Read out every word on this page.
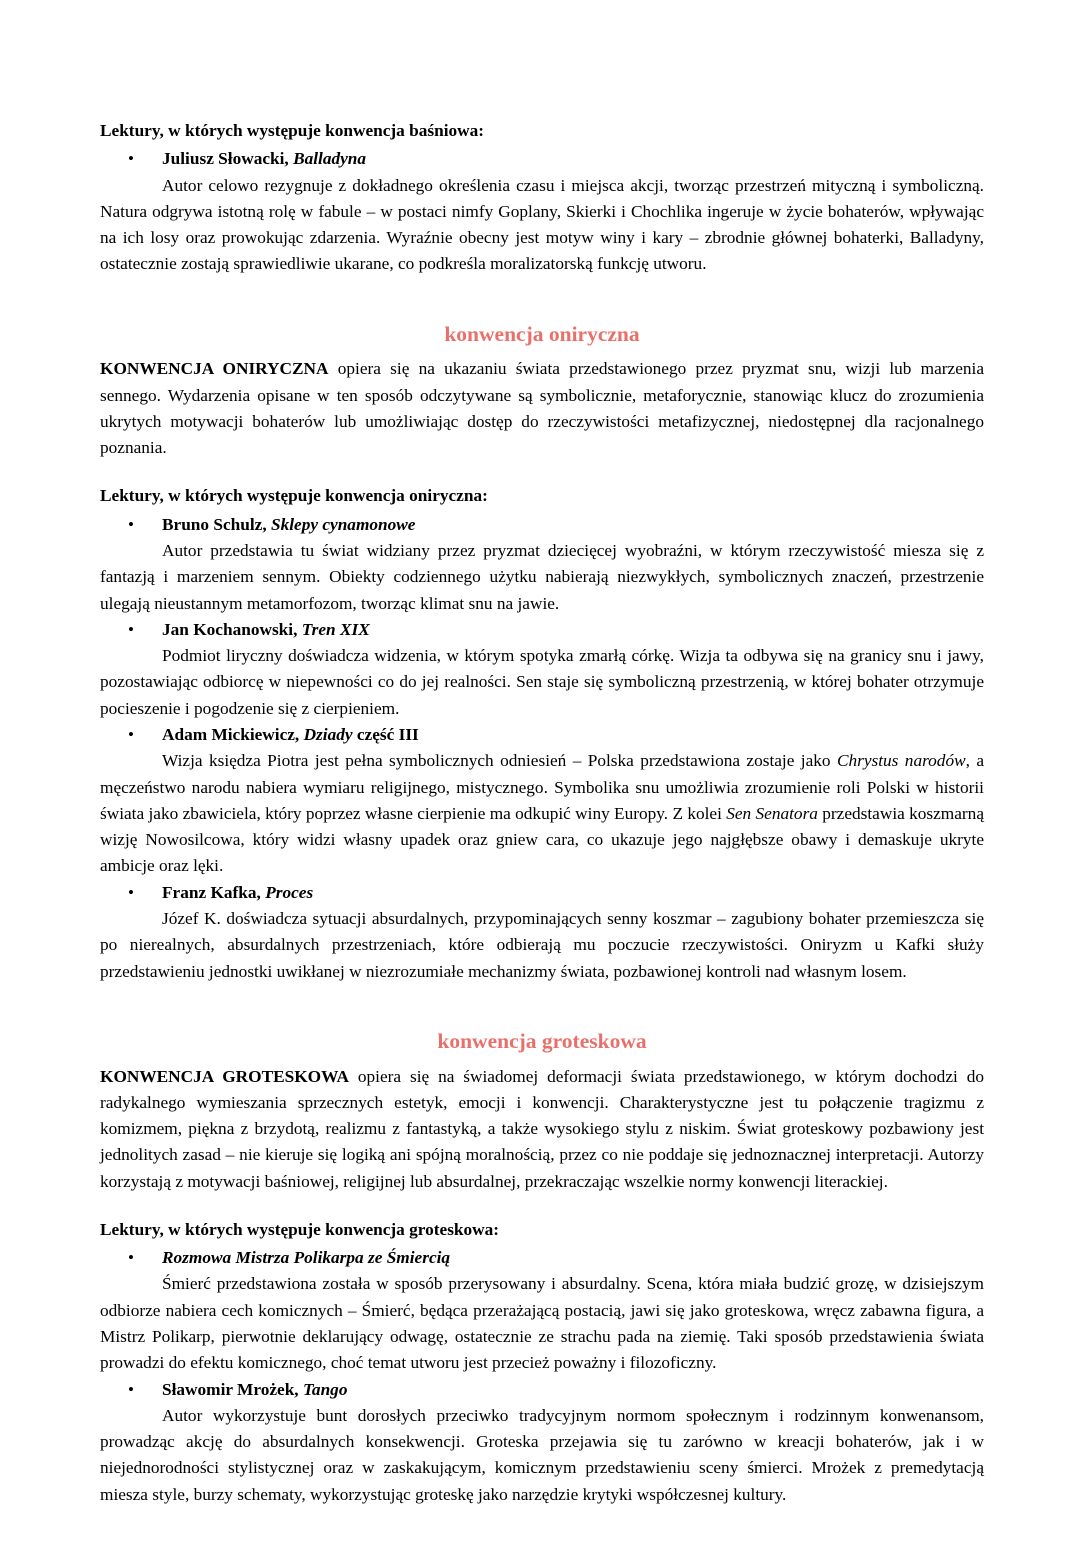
Lektury, w których występuje konwencja baśniowa:

•	Juliusz Słowacki, Balladyna

Autor celowo rezygnuje z dokładnego określenia czasu i miejsca akcji, tworząc przestrzeń mityczną i symboliczną. Natura odgrywa istotną rolę w fabule – w postaci nimfy Goplany, Skierki i Chochlika ingeruje w życie bohaterów, wpływając na ich losy oraz prowokując zdarzenia. Wyraźnie obecny jest motyw winy i kary – zbrodnie głównej bohaterki, Balladyny, ostatecznie zostają sprawiedliwie ukarane, co podkreśla moralizatorską funkcję utworu.

konwencja oniryczna

KONWENCJA ONIRYCZNA opiera się na ukazaniu świata przedstawionego przez pryzmat snu, wizji lub marzenia sennego. Wydarzenia opisane w ten sposób odczytywane są symbolicznie, metaforycznie, stanowiąc klucz do zrozumienia ukrytych motywacji bohaterów lub umożliwiając dostęp do rzeczywistości metafizycznej, niedostępnej dla racjonalnego poznania.

Lektury, w których występuje konwencja oniryczna:

•	Bruno Schulz, Sklepy cynamonowe

Autor przedstawia tu świat widziany przez pryzmat dziecięcej wyobraźni, w którym rzeczywistość miesza się z fantazją i marzeniem sennym. Obiekty codziennego użytku nabierają niezwykłych, symbolicznych znaczeń, przestrzenie ulegają nieustannym metamorfozom, tworząc klimat snu na jawie.

•	Jan Kochanowski, Tren XIX

Podmiot liryczny doświadcza widzenia, w którym spotyka zmarłą córkę. Wizja ta odbywa się na granicy snu i jawy, pozostawiając odbiorcę w niepewności co do jej realności. Sen staje się symboliczną przestrzenią, w której bohater otrzymuje pocieszenie i pogodzenie się z cierpieniem.

•	Adam Mickiewicz, Dziady część III

Wizja księdza Piotra jest pełna symbolicznych odniesień – Polska przedstawiona zostaje jako Chrystus narodów, a męczeństwo narodu nabiera wymiaru religijnego, mistycznego. Symbolika snu umożliwia zrozumienie roli Polski w historii świata jako zbawiciela, który poprzez własne cierpienie ma odkupić winy Europy. Z kolei Sen Senatora przedstawia koszmarną wizję Nowosilcowa, który widzi własny upadek oraz gniew cara, co ukazuje jego najgłębsze obawy i demaskuje ukryte ambicje oraz lęki.

•	Franz Kafka, Proces

Józef K. doświadcza sytuacji absurdalnych, przypominających senny koszmar – zagubiony bohater przemieszcza się po nierealnych, absurdalnych przestrzeniach, które odbierają mu poczucie rzeczywistości. Oniryzm u Kafki służy przedstawieniu jednostki uwikłanej w niezrozumiałe mechanizmy świata, pozbawionej kontroli nad własnym losem.

konwencja groteskowa

KONWENCJA GROTESKOWA opiera się na świadomej deformacji świata przedstawionego, w którym dochodzi do radykalnego wymieszania sprzecznych estetyk, emocji i konwencji. Charakterystyczne jest tu połączenie tragizmu z komizmem, piękna z brzydotą, realizmu z fantastyką, a także wysokiego stylu z niskim. Świat groteskowy pozbawiony jest jednolitych zasad – nie kieruje się logiką ani spójną moralnością, przez co nie poddaje się jednoznacznej interpretacji. Autorzy korzystają z motywacji baśniowej, religijnej lub absurdalnej, przekraczając wszelkie normy konwencji literackiej.

Lektury, w których występuje konwencja groteskowa:

•	Rozmowa Mistrza Polikarpa ze Śmiercią

Śmierć przedstawiona została w sposób przerysowany i absurdalny. Scena, która miała budzić grozę, w dzisiejszym odbiorze nabiera cech komicznych – Śmierć, będąca przerażającą postacią, jawi się jako groteskowa, wręcz zabawna figura, a Mistrz Polikarp, pierwotnie deklarujący odwagę, ostatecznie ze strachu pada na ziemię. Taki sposób przedstawienia świata prowadzi do efektu komicznego, choć temat utworu jest przecież poważny i filozoficzny.

•	Sławomir Mrożek, Tango

Autor wykorzystuje bunt dorosłych przeciwko tradycyjnym normom społecznym i rodzinnym konwenansom, prowadząc akcję do absurdalnych konsekwencji. Groteska przejawia się tu zarówno w kreacji bohaterów, jak i w niejednorodności stylistycznej oraz w zaskakującym, komicznym przedstawieniu sceny śmierci. Mrożek z premedytacją miesza style, burzy schematy, wykorzystując groteskę jako narzędzie krytyki współczesnej kultury.
